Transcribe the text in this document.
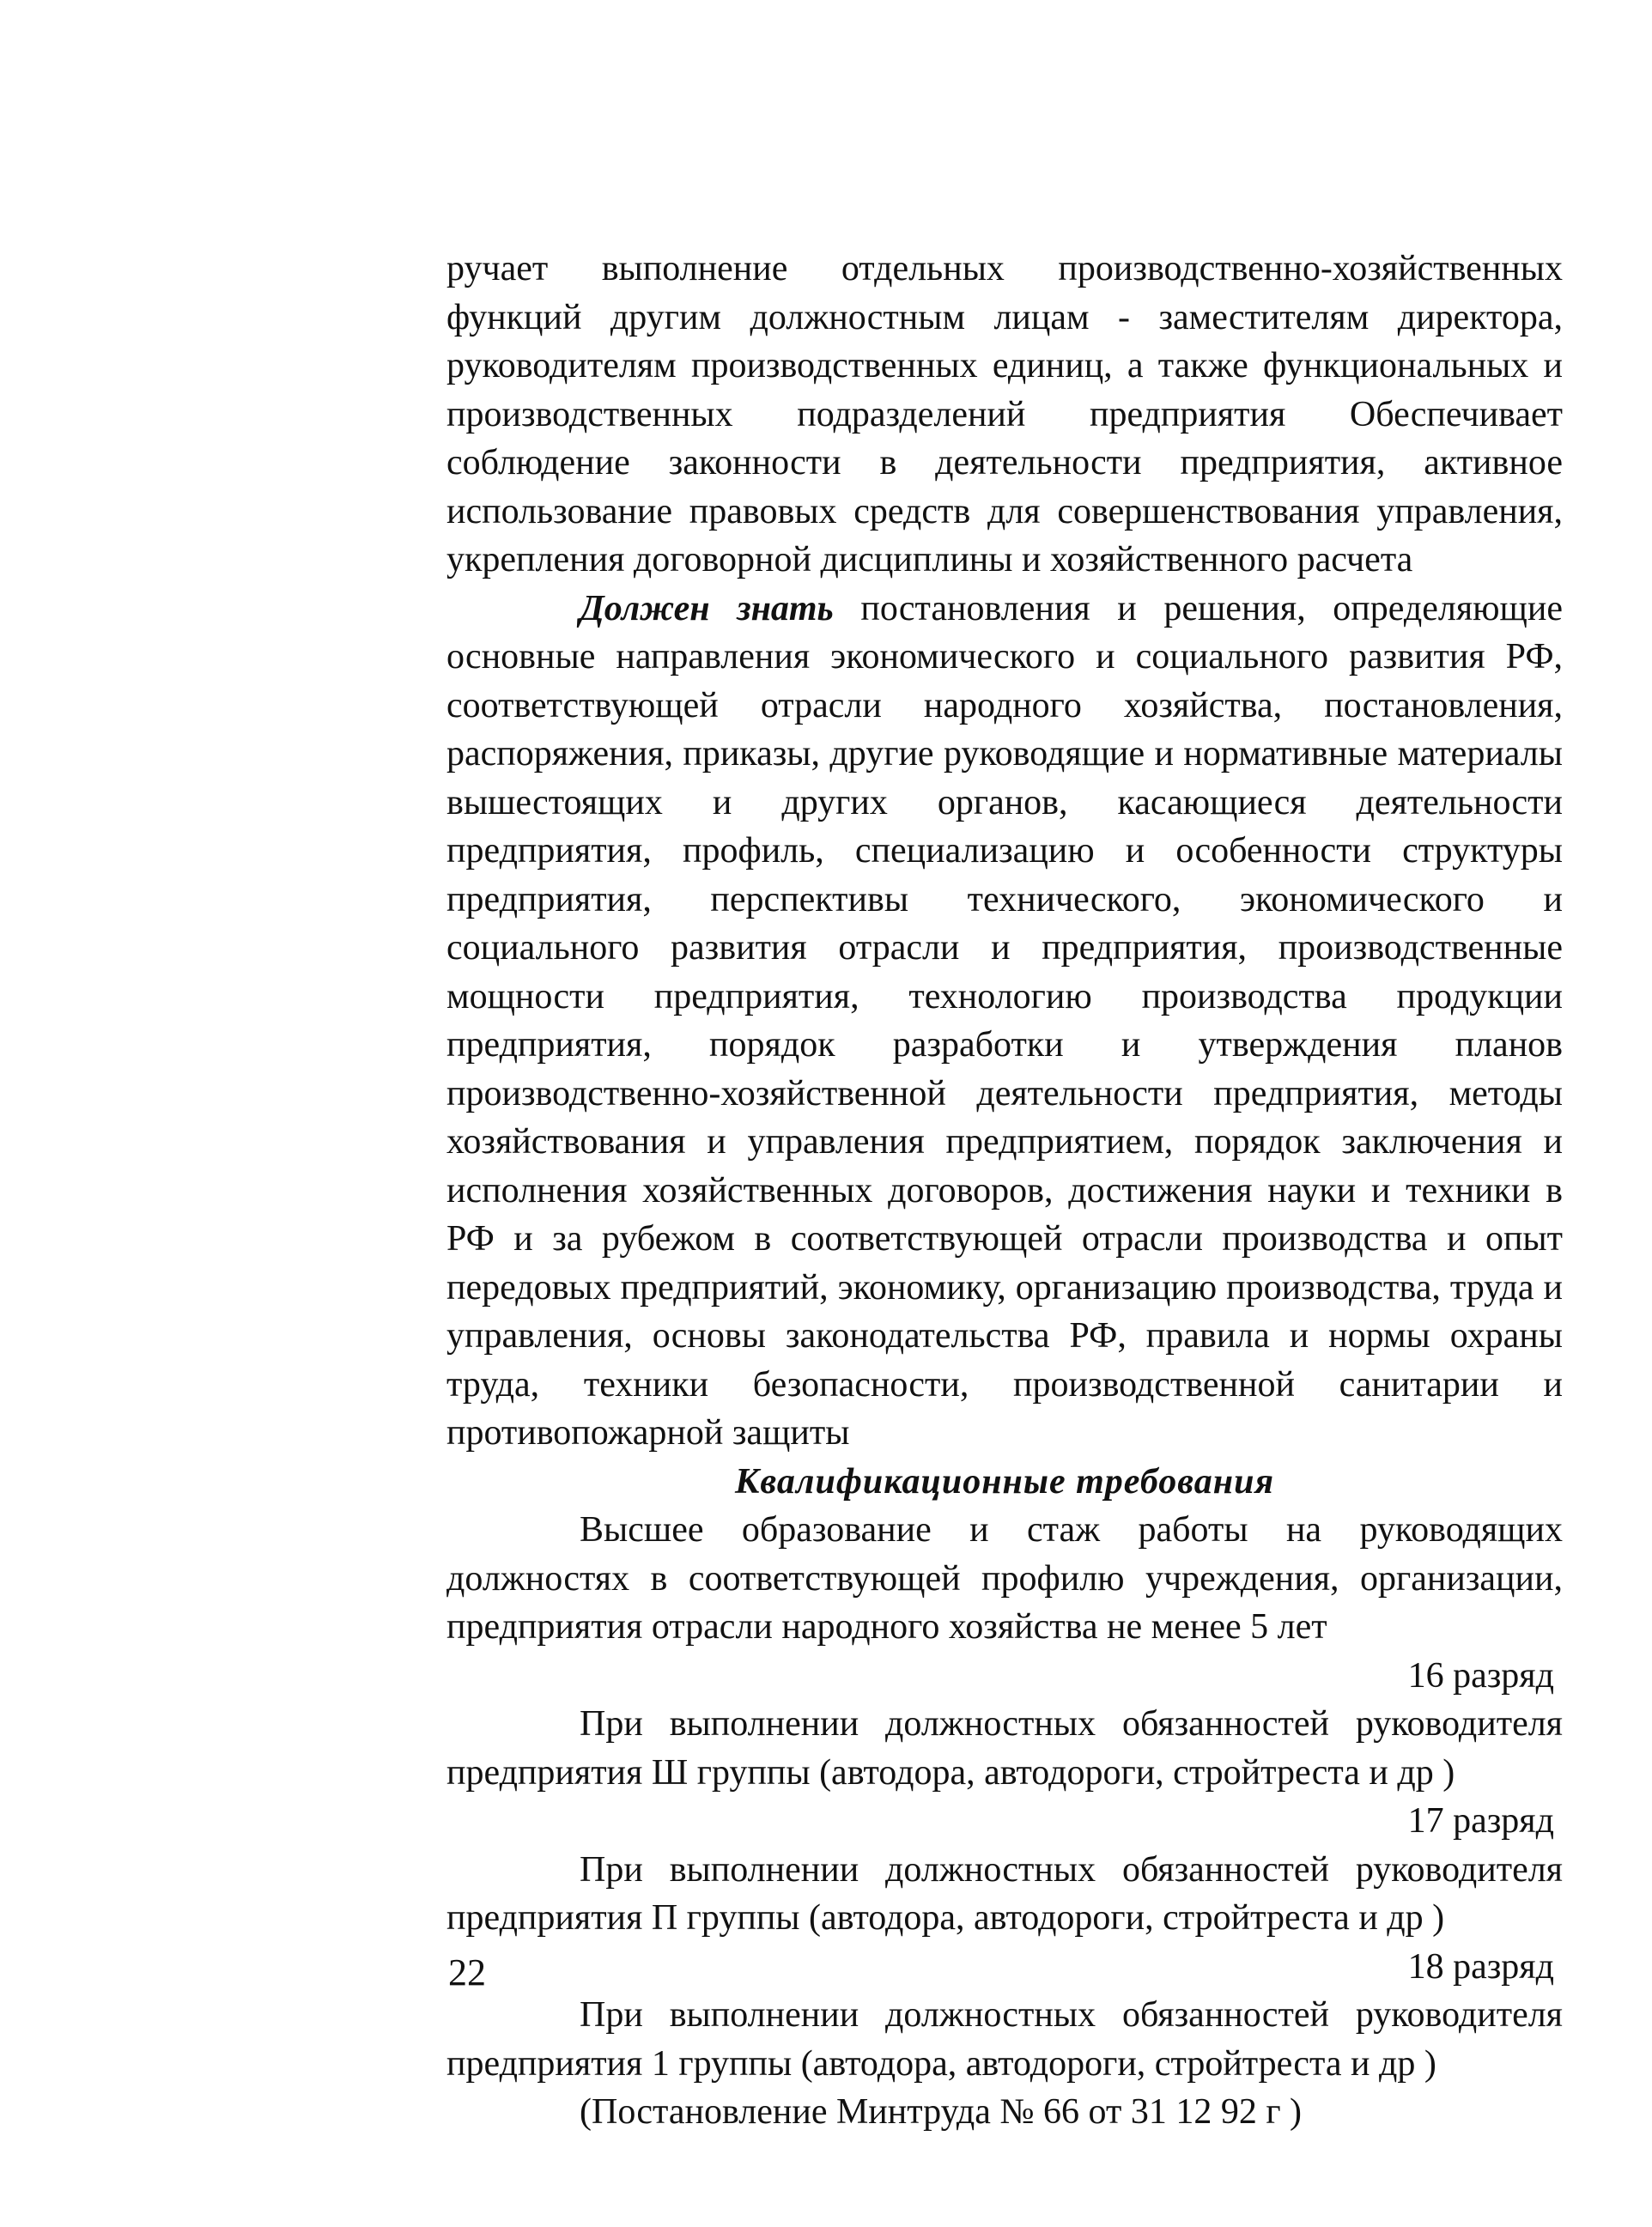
ручает выполнение отдельных производственно-хозяйственных функций другим должностным лицам - заместителям директора, руководителям производственных единиц, а также функциональных и производственных подразделений предприятия Обеспечивает соблюдение законности в деятельности предприятия, активное использование правовых средств для совершенствования управления, укрепления договорной дисциплины и хозяйственного расчета

Должен знать постановления и решения, определяющие основные направления экономического и социального развития РФ, соответствующей отрасли народного хозяйства, постановления, распоряжения, приказы, другие руководящие и нормативные материалы вышестоящих и других органов, касающиеся деятельности предприятия, профиль, специализацию и особенности структуры предприятия, перспективы технического, экономического и социального развития отрасли и предприятия, производственные мощности предприятия, технологию производства продукции предприятия, порядок разработки и утверждения планов производственно-хозяйственной деятельности предприятия, методы хозяйствования и управления предприятием, порядок заключения и исполнения хозяйственных договоров, достижения науки и техники в РФ и за рубежом в соответствующей отрасли производства и опыт передовых предприятий, экономику, организацию производства, труда и управления, основы законодательства РФ, правила и нормы охраны труда, техники безопасности, производственной санитарии и противопожарной защиты

Квалификационные требования

Высшее образование и стаж работы на руководящих должностях в соответствующей профилю учреждения, организации, предприятия отрасли народного хозяйства не менее 5 лет

16 разряд

При выполнении должностных обязанностей руководителя предприятия Ш группы (автодора, автодороги, стройтреста и др )

17 разряд

При выполнении должностных обязанностей руководителя предприятия П группы (автодора, автодороги, стройтреста и др )

18 разряд

При выполнении должностных обязанностей руководителя предприятия 1 группы (автодора, автодороги, стройтреста и др )

(Постановление Минтруда № 66 от 31 12 92 г )

22
